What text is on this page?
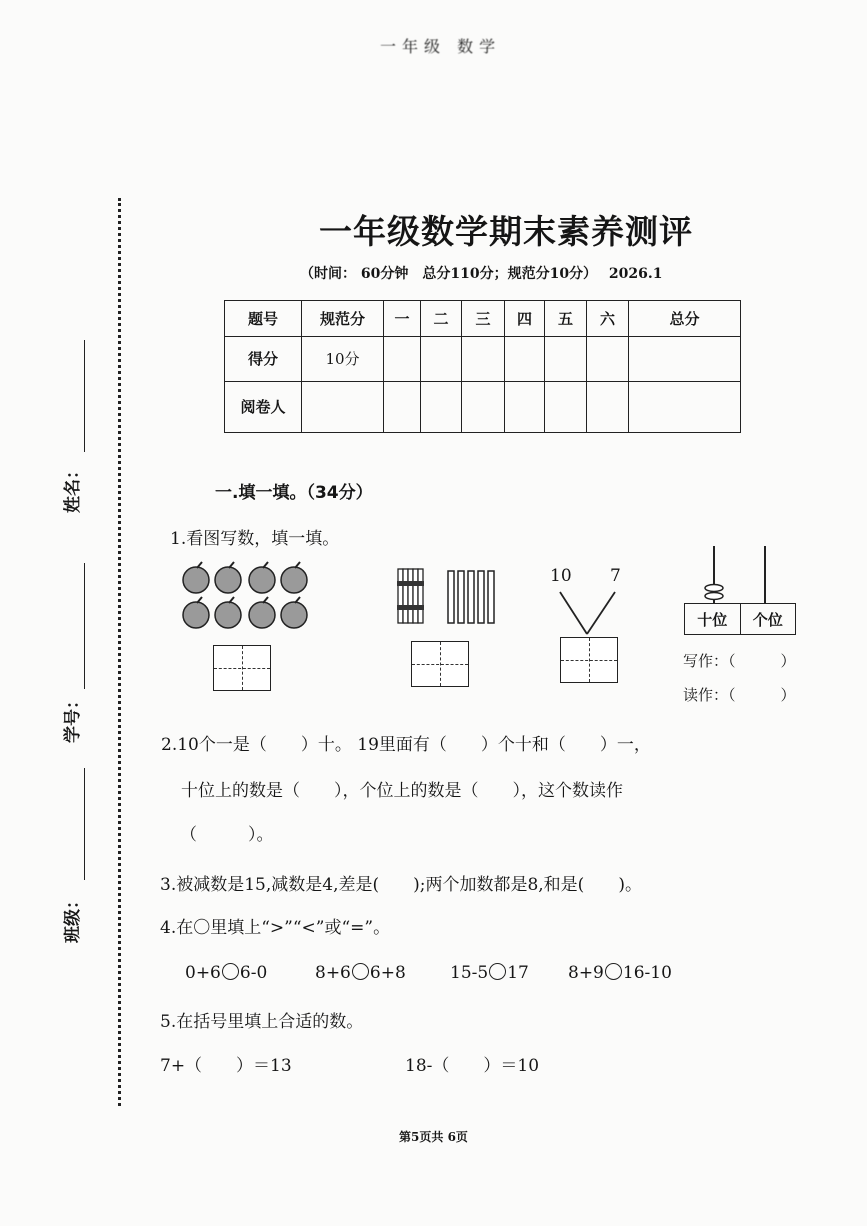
一年级 数学
姓名：
学号：
班级：
一年级数学期末素养测评
（时间： 60分钟　总分110分；规范分10分）　 2026.1
题号	规范分	一	二	三	四	五	六	总分
得分	10分							
阅卷人								
一.填一填。（34分）
1.看图写数，填一填。
10 7
十位	个位
写作：（　　　）
读作：（　　　）
2.10个一是（　　）十。 19里面有（　　）个十和（　　）一，
十位上的数是（　　），个位上的数是（　　），这个数读作
（　　　）。
3.被减数是15,减数是4,差是(　　);两个加数都是8,和是(　　)。
4.在〇里填上“>”“<”或“=”。
0+6 6-0	8+6 6+8	15-5 17 8+9 16-10
5.在括号里填上合适的数。
7+（　　）＝13	18-（　　）＝10
第5页共 6页
